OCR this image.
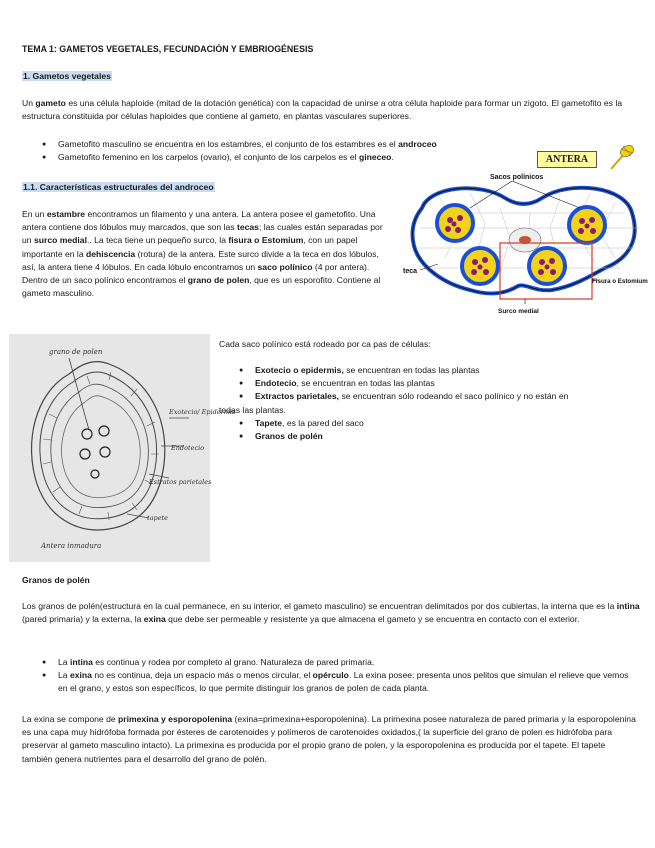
TEMA 1: GAMETOS VEGETALES, FECUNDACIÓN Y EMBRIOGÉNESIS
1. Gametos vegetales

Un gameto es una célula haploide (mitad de la dotación genética) con la capacidad de unirse a otra célula haploide para formar un zigoto. El gametofito es la estructura constituida por células haploides que contiene al gameto, en plantas vasculares superiores.

● Gametofito masculino se encuentra en los estambres, el conjunto de los estambres es el androceo
● Gametofito femenino en los carpelos (ovario), el conjunto de los carpelos es el gineceo.	ANTERA
1.1. Características estructurales del androceo

En un estambre encontramos un filamento y una antera. La antera posee el gametofito. Una antera contiene dos lóbulos muy marcados, que son las tecas; las cuales están separadas por un surco medial.. La teca tiene un pequeño surco, la fisura o Estomium, con un papel importante en la dehiscencia (rotura) de la antera. Este surco divide a la teca en dos lóbulos, así, la antera tiene 4 lóbulos. En cada lóbulo encontramos un saco polínico (4 por antera). Dentro de un saco polínico encontramos el grano de polen, que es un esporofito. Contiene al gameto masculino.

Sacos polínicos
teca
Fisura o Estomium
Surco medial
grano de polen
Exotecio/ Epidermis
Endotecio
Estratos parietales
tapete
Antera inmadura

Cada saco polínico está rodeado por ca pas de células:

● Exotecio o epidermis, se encuentran en todas las plantas
● Endotecio, se encuentran en todas las plantas
● Extractos parietales, se encuentran sólo rodeando el saco polínico y no están en
todas las plantas.
● Tapete, es la pared del saco
● Granos de polén
Granos de polén

Los granos de polén(estructura en la cual permanece, en su interior, el gameto masculino) se encuentran delimitados por dos cubiertas, la interna que es la intina (pared primaria) y la externa, la exina que debe ser permeable y resistente ya que almacena el gameto y se encuentra en contacto con el exterior.

● La intina es continua y rodea por completo al grano. Naturaleza de pared primaria.
● La exina no es continua, deja un espacio más o menos circular, el opérculo. La exina posee: presenta unos pelitos que simulan el relieve que vemos en el grano, y estos son específicos, lo que permite distinguir los granos de polen de cada planta.

La exina se compone de primexina y esporopolenina (exina=primexina+esporopolenina). La primexina posee naturaleza de pared primaria y la esporopolenina es una capa muy hidrófoba formada por ésteres de carotenoides y polímeros de carotenoides oxidados,( la superficie del grano de polen es hidrófoba para preservar al gameto masculino intacto). La primexina es producida por el propio grano de polen, y la esporopolenina es producida por el tapete. El tapete también genera nutrientes para el desarrollo del grano de polén.
